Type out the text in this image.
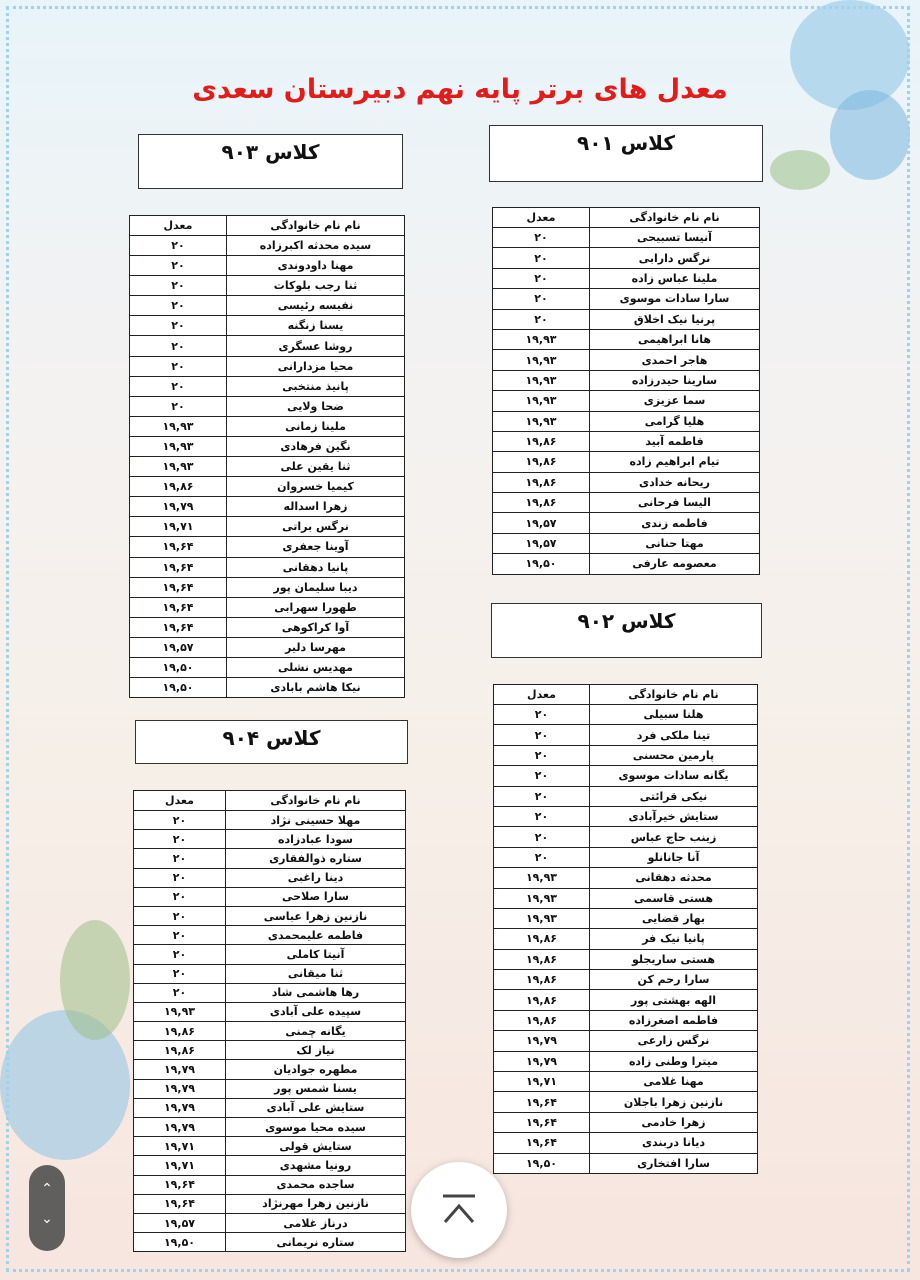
معدل های برتر پایه نهم دبیرستان سعدی
کلاس ۹۰۱
نام نام خانوادگی	معدل
آنیسا تسبیحی	۲۰
نرگس دارابی	۲۰
ملینا عباس زاده	۲۰
سارا سادات موسوی	۲۰
پرنیا نیک اخلاق	۲۰
هانا ابراهیمی	۱۹,۹۳
هاجر احمدی	۱۹,۹۳
سارینا حیدرزاده	۱۹,۹۳
سما عزیزی	۱۹,۹۳
هلیا گرامی	۱۹,۹۳
فاطمه آبید	۱۹,۸۶
تیام ابراهیم زاده	۱۹,۸۶
ریحانه خدادی	۱۹,۸۶
الیسا فرحانی	۱۹,۸۶
فاطمه زندی	۱۹,۵۷
مهتا حنانی	۱۹,۵۷
معصومه عارفی	۱۹,۵۰
کلاس ۹۰۲
نام نام خانوادگی	معدل
هلنا سبیلی	۲۰
تینا ملکی فرد	۲۰
پارمین محسنی	۲۰
یگانه سادات موسوی	۲۰
نیکی قرائتی	۲۰
ستایش خیرآبادی	۲۰
زینب حاج عباس	۲۰
آنا جانانلو	۲۰
محدثه دهقانی	۱۹,۹۳
هستی قاسمی	۱۹,۹۳
بهار قضایی	۱۹,۹۳
پانیا نیک فر	۱۹,۸۶
هستی ساریجلو	۱۹,۸۶
سارا رحم کن	۱۹,۸۶
الهه بهشتی پور	۱۹,۸۶
فاطمه اصغرزاده	۱۹,۸۶
نرگس زارعی	۱۹,۷۹
میترا وطنی زاده	۱۹,۷۹
مهنا غلامی	۱۹,۷۱
نازنین زهرا باجلان	۱۹,۶۴
زهرا خادمی	۱۹,۶۴
دیانا دربندی	۱۹,۶۴
سارا افتخاری	۱۹,۵۰
کلاس ۹۰۳
نام نام خانوادگی	معدل
سیده محدثه اکبرزاده	۲۰
مهنا داودوندی	۲۰
ثنا رجب بلوکات	۲۰
نفیسه رئیسی	۲۰
یسنا زنگنه	۲۰
روشا عسگری	۲۰
محیا مزدارانی	۲۰
پانیذ منتخبی	۲۰
ضحا ولایی	۲۰
ملینا زمانی	۱۹,۹۳
نگین فرهادی	۱۹,۹۳
ثنا یقین علی	۱۹,۹۳
کیمیا خسروان	۱۹,۸۶
زهرا اسداله	۱۹,۷۹
نرگس براتی	۱۹,۷۱
آوینا جعفری	۱۹,۶۴
پانیا دهقانی	۱۹,۶۴
دیبا سلیمان پور	۱۹,۶۴
طهورا سهرابی	۱۹,۶۴
آوا کراکوهی	۱۹,۶۴
مهرسا دلیر	۱۹,۵۷
مهدیس نشلی	۱۹,۵۰
نیکا هاشم بابادی	۱۹,۵۰
کلاس ۹۰۴
نام نام خانوادگی	معدل
مهلا حسینی نژاد	۲۰
سودا عبادزاده	۲۰
ستاره ذوالفقاری	۲۰
دینا راغبی	۲۰
سارا صلاحی	۲۰
نازنین زهرا عباسی	۲۰
فاطمه علیمحمدی	۲۰
آنیتا کاملی	۲۰
ثنا میقانی	۲۰
رها هاشمی شاد	۲۰
سپیده علی آبادی	۱۹,۹۳
یگانه چمنی	۱۹,۸۶
نیاز لک	۱۹,۸۶
مطهره جوادیان	۱۹,۷۹
یسنا شمس پور	۱۹,۷۹
ستایش علی آبادی	۱۹,۷۹
سیده محیا موسوی	۱۹,۷۹
ستایش قولی	۱۹,۷۱
رونیا مشهدی	۱۹,۷۱
ساجده محمدی	۱۹,۶۴
نازنین زهرا مهرنژاد	۱۹,۶۴
درناز غلامی	۱۹,۵۷
ستاره نریمانی	۱۹,۵۰
⌃
⌄
